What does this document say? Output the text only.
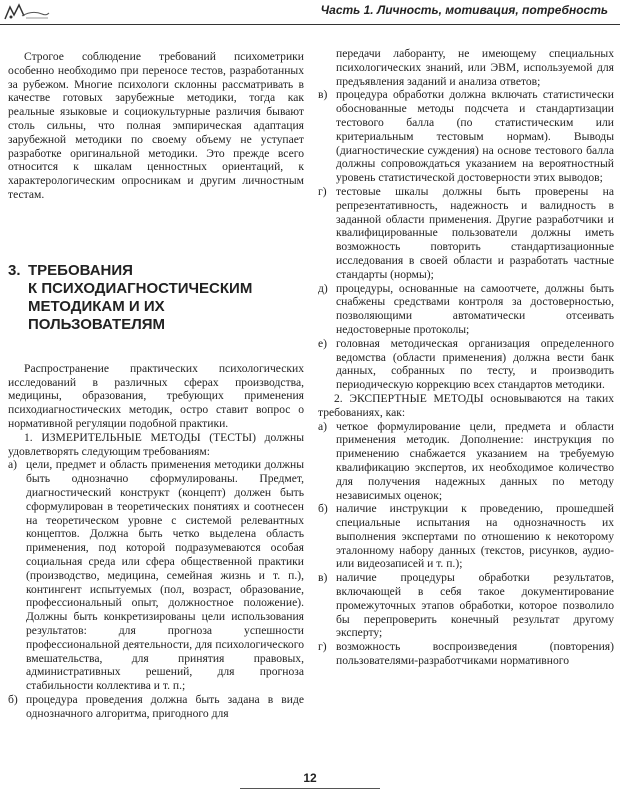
Часть 1. Личность, мотивация, потребность

Строгое соблюдение требований психометрики особенно необходимо при переносе тестов, разработанных за рубежом. Многие психологи склонны рассматривать в качестве готовых зарубежные методики, тогда как реальные языковые и социокультурные различия бывают столь сильны, что полная эмпирическая адаптация зарубежной методики по своему объему не уступает разработке оригинальной методики. Это прежде всего относится к шкалам ценностных ориентаций, к характерологическим опросникам и другим личностным тестам.

3. ТРЕБОВАНИЯ
К ПСИХОДИАГНОСТИЧЕСКИМ
МЕТОДИКАМ И ИХ
ПОЛЬЗОВАТЕЛЯМ

Распространение практических психологических исследований в различных сферах производства, медицины, образования, требующих применения психодиагностических методик, остро ставит вопрос о нормативной регуляции подобной практики.

1. ИЗМЕРИТЕЛЬНЫЕ МЕТОДЫ (ТЕСТЫ) должны удовлетворять следующим требованиям:

а) цели, предмет и область применения методики должны быть однозначно сформулированы. Предмет, диагностический конструкт (концепт) должен быть сформулирован в теоретических понятиях и соотнесен на теоретическом уровне с системой релевантных концептов. Должна быть четко выделена область применения, под которой подразумеваются особая социальная среда или сфера общественной практики (производство, медицина, семейная жизнь и т. п.), контингент испытуемых (пол, возраст, образование, профессиональный опыт, должностное положение). Должны быть конкретизированы цели использования результатов: для прогноза успешности профессиональной деятельности, для психологического вмешательства, для принятия правовых, административных решений, для прогноза стабильности коллектива и т. п.;
б) процедура проведения должна быть задана в виде однозначного алгоритма, пригодного для

передачи лаборанту, не имеющему специальных психологических знаний, или ЭВМ, используемой для предъявления заданий и анализа ответов;

в) процедура обработки должна включать статистически обоснованные методы подсчета и стандартизации тестового балла (по статистическим или критериальным тестовым нормам). Выводы (диагностические суждения) на основе тестового балла должны сопровождаться указанием на вероятностный уровень статистической достоверности этих выводов;
г) тестовые шкалы должны быть проверены на репрезентативность, надежность и валидность в заданной области применения. Другие разработчики и квалифицированные пользователи должны иметь возможность повторить стандартизационные исследования в своей области и разработать частные стандарты (нормы);
д) процедуры, основанные на самоотчете, должны быть снабжены средствами контроля за достоверностью, позволяющими автоматически отсеивать недостоверные протоколы;
е) головная методическая организация определенного ведомства (области применения) должна вести банк данных, собранных по тесту, и производить периодическую коррекцию всех стандартов методики.

2. ЭКСПЕРТНЫЕ МЕТОДЫ основываются на таких требованиях, как:

а) четкое формулирование цели, предмета и области применения методик. Дополнение: инструкция по применению снабжается указанием на требуемую квалификацию экспертов, их необходимое количество для получения надежных данных по методу независимых оценок;
б) наличие инструкции к проведению, прошедшей специальные испытания на однозначность их выполнения экспертами по отношению к некоторому эталонному набору данных (текстов, рисунков, аудио- или видеозаписей и т. п.);
в) наличие процедуры обработки результатов, включающей в себя такое документирование промежуточных этапов обработки, которое позволило бы перепроверить конечный результат другому эксперту;
г) возможность воспроизведения (повторения) пользователями-разработчиками нормативного
12
